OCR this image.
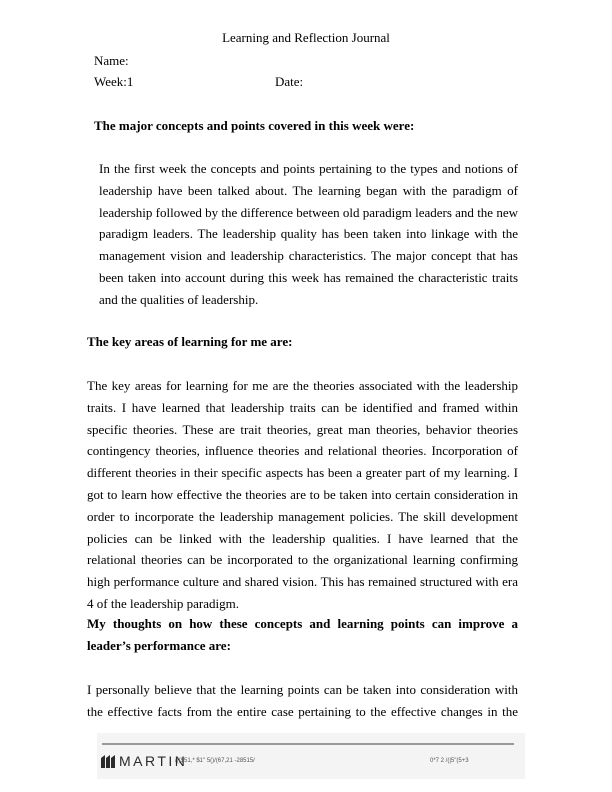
Learning and Reflection Journal
Name:
Week:1	Date:
The major concepts and points covered in this week were:
In the first week the concepts and points pertaining to the types and notions of
leadership have been talked about. The learning began with the paradigm of
leadership followed by the difference between old paradigm leaders and the new
paradigm leaders. The leadership quality has been taken into linkage with the
management vision and leadership characteristics. The major concept that has
been taken into account during this week has remained the characteristic traits
and the qualities of leadership.
The key areas of learning for me are:
The key areas for learning for me are the theories associated with the leadership
traits. I have learned that leadership traits can be identified and framed within
specific theories. These are trait theories, great man theories, behavior theories
contingency theories, influence theories and relational theories. Incorporation of
different theories in their specific aspects has been a greater part of my learning. I
got to learn how effective the theories are to be taken into certain consideration in
order to incorporate the leadership management policies. The skill development
policies can be linked with the leadership qualities. I have learned that the
relational theories can be incorporated to the organizational learning confirming
high performance culture and shared vision. This has remained structured with era
4 of the leadership paradigm.
My thoughts on how these concepts and learning points can improve a
leader’s performance are:
I personally believe that the learning points can be taken into consideration with
the effective facts from the entire case pertaining to the effective changes in the
MARTIN
/(($51,* $1" 5()/(67,21 -28515/	0*7 2 /(|5"(5+3
